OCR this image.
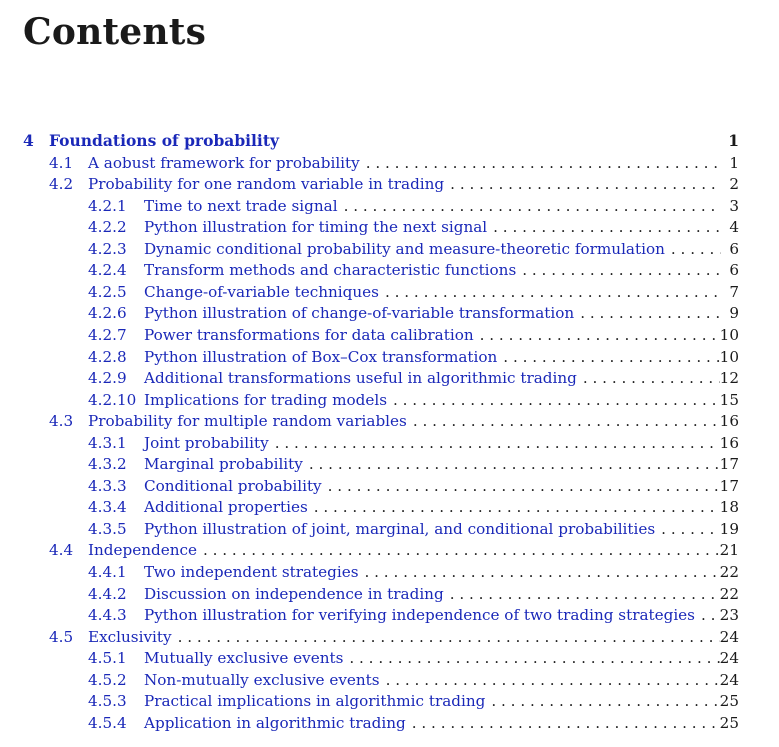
Contents
4 Foundations of probability	1
4.1 A aobust framework for probability . . .	1
4.2 Probability for one random variable in trading . . .	2
4.2.1	Time to next trade signal . . .	3
4.2.2	Python illustration for timing the next signal . . .	4
4.2.3	Dynamic conditional probability and measure-theoretic formulation . . .	6
4.2.4	Transform methods and characteristic functions . . .	6
4.2.5	Change-of-variable techniques . . .	7
4.2.6	Python illustration of change-of-variable transformation . . .	9
4.2.7	Power transformations for data calibration . . .	10
4.2.8	Python illustration of Box–Cox transformation . . .	10
4.2.9	Additional transformations useful in algorithmic trading . . .	12
4.2.10 Implications for trading models . . .	15
4.3 Probability for multiple random variables . . .	16
4.3.1	Joint probability . . .	16
4.3.2	Marginal probability . . .	17
4.3.3	Conditional probability . . .	17
4.3.4	Additional properties . . .	18
4.3.5	Python illustration of joint, marginal, and conditional probabilities . . .	19
4.4 Independence . . .	21
4.4.1	Two independent strategies . . .	22
4.4.2	Discussion on independence in trading . . .	22
4.4.3	Python illustration for verifying independence of two trading strategies . . . 23
4.5 Exclusivity . . .	24
4.5.1	Mutually exclusive events . . .	24
4.5.2	Non-mutually exclusive events . . .	24
4.5.3	Practical implications in algorithmic trading . . .	25
4.5.4	Application in algorithmic trading . . .	25
